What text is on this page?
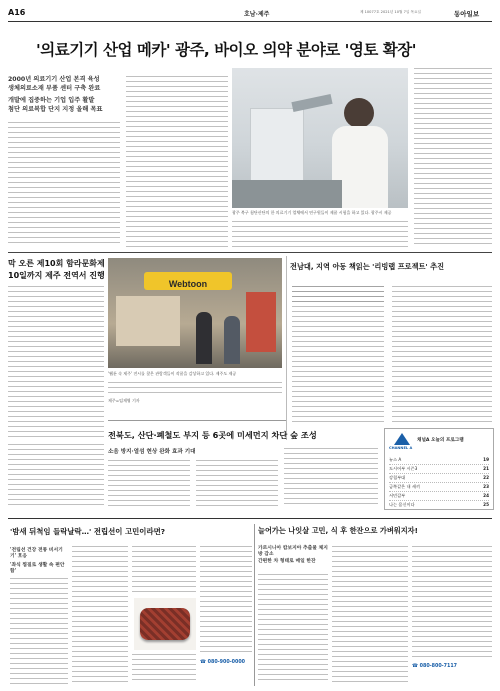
A16	호남·제주	제 10077호 2021년 10월 7일 목요일	동아일보
'의료기기 산업 메카' 광주, 바이오 의약 분야로 '영토 확장'
2000년 의료기기 산업 본격 육성
생체의료소재 부품 센터 구축 완료
개발에 집중하는 기업 입주 활발
첨단 의료복합 단지 지정 올해 목표
광주 북구 첨단산단의 한 의료기기 업체에서 연구원들이 제품 시험을 하고 있다. 광주시 제공
막 오른 제10회 함라문화제
10일까지 제주 전역서 진행
Webtoon
'웹툰 속 제주' 전시를 찾은 관람객들이 작품을 감상하고 있다. 제주도 제공
제주=임재영 기자
전남대, 지역 아동 책읽는 '리빙랩 프로젝트' 추진
전북도, 산단·폐철도 부지 등 6곳에 미세먼지 차단 숲 조성
소음 방지·열섬 현상 완화 효과 기대
CHANNEL A
채널A 오늘의 프로그램
뉴스 A	19
도시어부 시즌3	21
강철부대	22
금쪽같은 내 새끼	23
서민갑부	24
나는 몸신이다	25
'밤새 뒤척임 들락날락…' 전립선이 고민이라면?
'전립선 건강 전통 비서기기' 호응
'좌식 찜질로 생활 속 편안함'
☎ 080-900-0000
늘어가는 나잇살 고민, 식 후 한잔으로 가벼워지자!
가르시니아 캄보지아 추출물 체지방 감소
간편한 차 형태로 매일 한잔
☎ 080-800-7117
